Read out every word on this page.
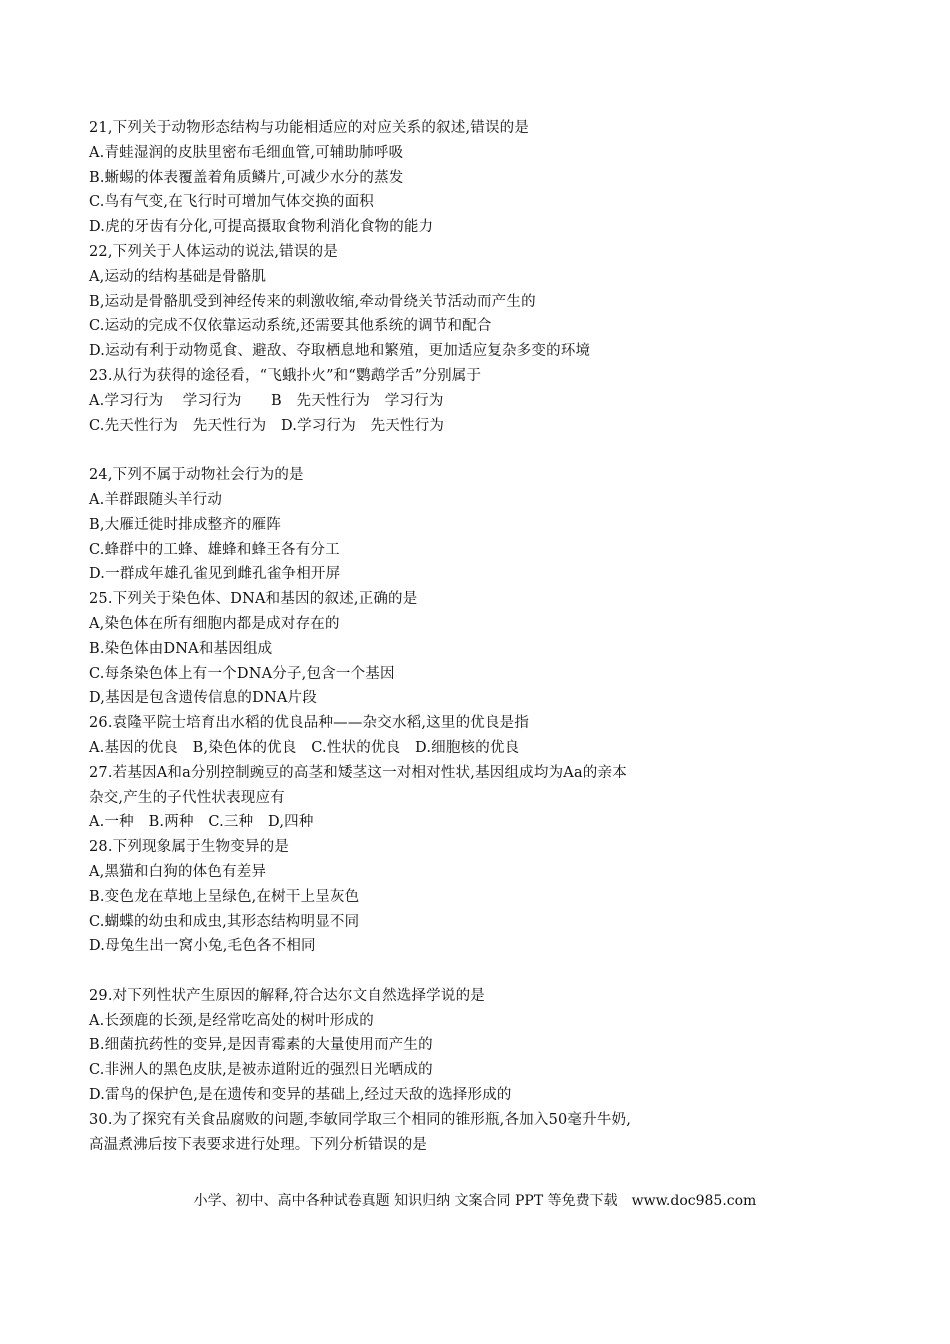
21,下列关于动物形态结构与功能相适应的对应关系的叙述,错误的是
A.青蛙湿润的皮肤里密布毛细血管,可辅助肺呼吸
B.蜥蜴的体表覆盖着角质鳞片,可减少水分的蒸发
C.鸟有气变,在飞行时可增加气体交换的面积
D.虎的牙齿有分化,可提高摄取食物利消化食物的能力
22,下列关于人体运动的说法,错误的是
A,运动的结构基础是骨骼肌
B,运动是骨骼肌受到神经传来的刺激收缩,牵动骨绕关节活动而产生的
C.运动的完成不仅依靠运动系统,还需要其他系统的调节和配合
D.运动有利于动物觅食、避敌、夺取栖息地和繁殖，更加适应复杂多变的环境
23.从行为获得的途径看，“飞蛾扑火”和“鹦鹉学舌”分别属于
A.学习行为　 学习行为　　B　先天性行为　学习行为
C.先天性行为　先天性行为　D.学习行为　先天性行为
24,下列不属于动物社会行为的是
A.羊群跟随头羊行动
B,大雁迁徙时排成整齐的雁阵
C.蜂群中的工蜂、雄蜂和蜂王各有分工
D.一群成年雄孔雀见到雌孔雀争相开屏
25.下列关于染色体、DNA和基因的叙述,正确的是
A,染色体在所有细胞内都是成对存在的
B.染色体由DNA和基因组成
C.每条染色体上有一个DNA分子,包含一个基因
D,基因是包含遗传信息的DNA片段
26.袁隆平院士培育出水稻的优良品种——杂交水稻,这里的优良是指
A.基因的优良　B,染色体的优良　C.性状的优良　D.细胞核的优良
27.若基因A和a分别控制豌豆的高茎和矮茎这一对相对性状,基因组成均为Aa的亲本
杂交,产生的子代性状表现应有
A.一种　B.两种　C.三种　D,四种
28.下列现象属于生物变异的是
A,黑猫和白狗的体色有差异
B.变色龙在草地上呈绿色,在树干上呈灰色
C.蝴蝶的幼虫和成虫,其形态结构明显不同
D.母兔生出一窝小兔,毛色各不相同
29.对下列性状产生原因的解释,符合达尔文自然选择学说的是
A.长颈鹿的长颈,是经常吃高处的树叶形成的
B.细菌抗药性的变异,是因青霉素的大量使用而产生的
C.非洲人的黑色皮肤,是被赤道附近的强烈日光晒成的
D.雷鸟的保护色,是在遗传和变异的基础上,经过天敌的选择形成的
30.为了探究有关食品腐败的问题,李敏同学取三个相同的锥形瓶,各加入50毫升牛奶,
高温煮沸后按下表要求进行处理。下列分析错误的是
小学、初中、高中各种试卷真题 知识归纳 文案合同 PPT 等免费下载　www.doc985.com
